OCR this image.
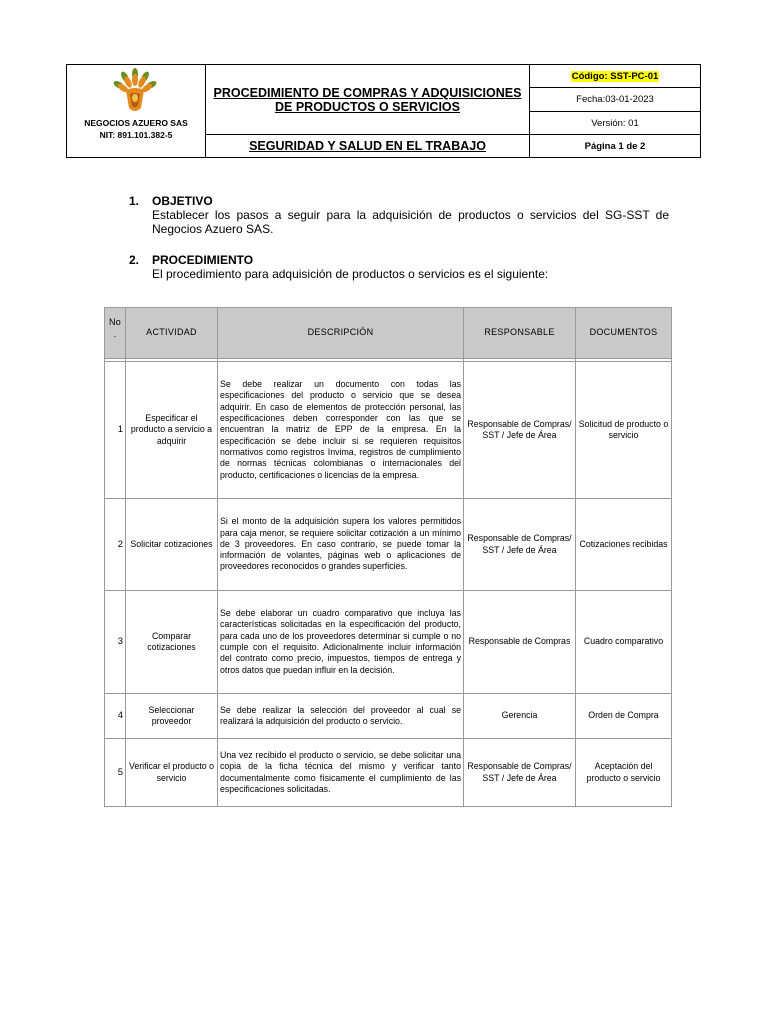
NEGOCIOS AZUERO SAS
NIT: 891.101.382-5
PROCEDIMIENTO DE COMPRAS Y ADQUISICIONES DE PRODUCTOS O SERVICIOS
SEGURIDAD Y SALUD EN EL TRABAJO
Código: SST-PC-01
Fecha:03-01-2023
Versión: 01
Página 1 de 2
1. OBJETIVO
Establecer los pasos a seguir para la adquisición de productos o servicios del SG-SST de Negocios Azuero SAS.
2. PROCEDIMIENTO
El procedimiento para adquisición de productos o servicios es el siguiente:
No .	ACTIVIDAD	DESCRIPCIÓN	RESPONSABLE	DOCUMENTOS

1	Especificar el producto a servicio a adquirir	Se debe realizar un documento con todas las especificaciones del producto o servicio que se desea adquirir. En caso de elementos de protección personal, las especificaciones deben corresponder con las que se encuentran la matriz de EPP de la empresa. En la especificación se debe incluir si se requieren requisitos normativos como registros Invima, registros de cumplimiento de normas técnicas colombianas o internacionales del producto, certificaciones o licencias de la empresa.	Responsable de Compras/ SST / Jefe de Área	Solicitud de producto o servicio
2	Solicitar cotizaciones	Si el monto de la adquisición supera los valores permitidos para caja menor, se requiere solicitar cotización a un mínimo de 3 proveedores. En caso contrario, se puede tomar la información de volantes, páginas web o aplicaciones de proveedores reconocidos o grandes superficies.	Responsable de Compras/ SST / Jefe de Área	Cotizaciones recibidas
3	Comparar cotizaciones	Se debe elaborar un cuadro comparativo que incluya las características solicitadas en la especificación del producto, para cada uno de los proveedores determinar si cumple o no cumple con el requisito. Adicionalmente incluir información del contrato como precio, impuestos, tiempos de entrega y otros datos que puedan influir en la decisión.	Responsable de Compras	Cuadro comparativo
4	Seleccionar proveedor	Se debe realizar la selección del proveedor al cual se realizará la adquisición del producto o servicio.	Gerencia	Orden de Compra
5	Verificar el producto o servicio	Una vez recibido el producto o servicio, se debe solicitar una copia de la ficha técnica del mismo y verificar tanto documentalmente como físicamente el cumplimiento de las especificaciones solicitadas.	Responsable de Compras/ SST / Jefe de Área	Aceptación del producto o servicio
